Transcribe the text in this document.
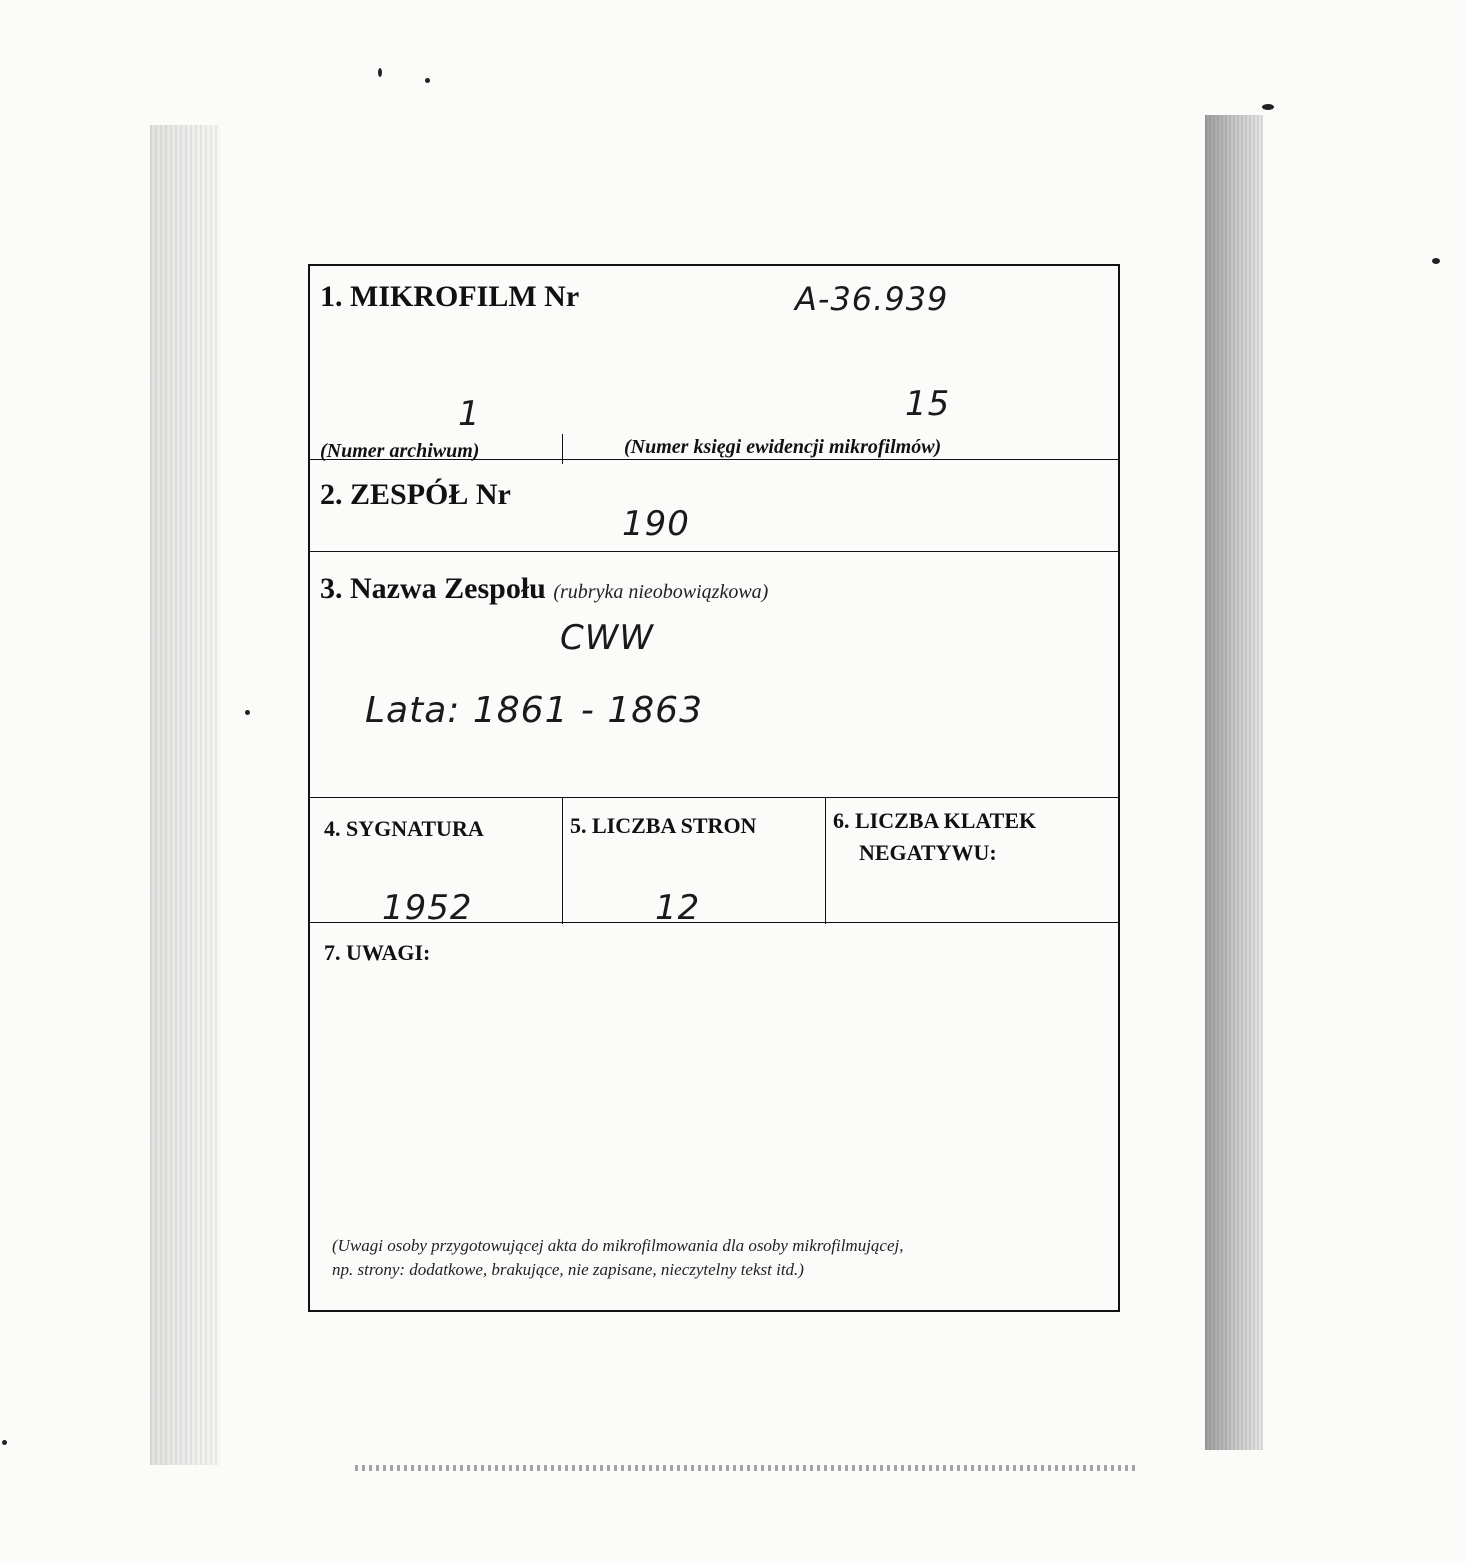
1. MIKROFILM Nr	A-36.939
1	15
(Numer archiwum)	(Numer księgi ewidencji mikrofilmów)
2. ZESPÓŁ Nr
190
3. Nazwa Zespołu (rubryka nieobowiązkowa)
CWW
Lata: 1861 - 1863
4. SYGNATURA
1952
5. LICZBA STRON
12
6. LICZBA KLATEK
NEGATYWU:
7. UWAGI:
(Uwagi osoby przygotowującej akta do mikrofilmowania dla osoby mikrofilmującej,
np. strony: dodatkowe, brakujące, nie zapisane, nieczytelny tekst itd.)
